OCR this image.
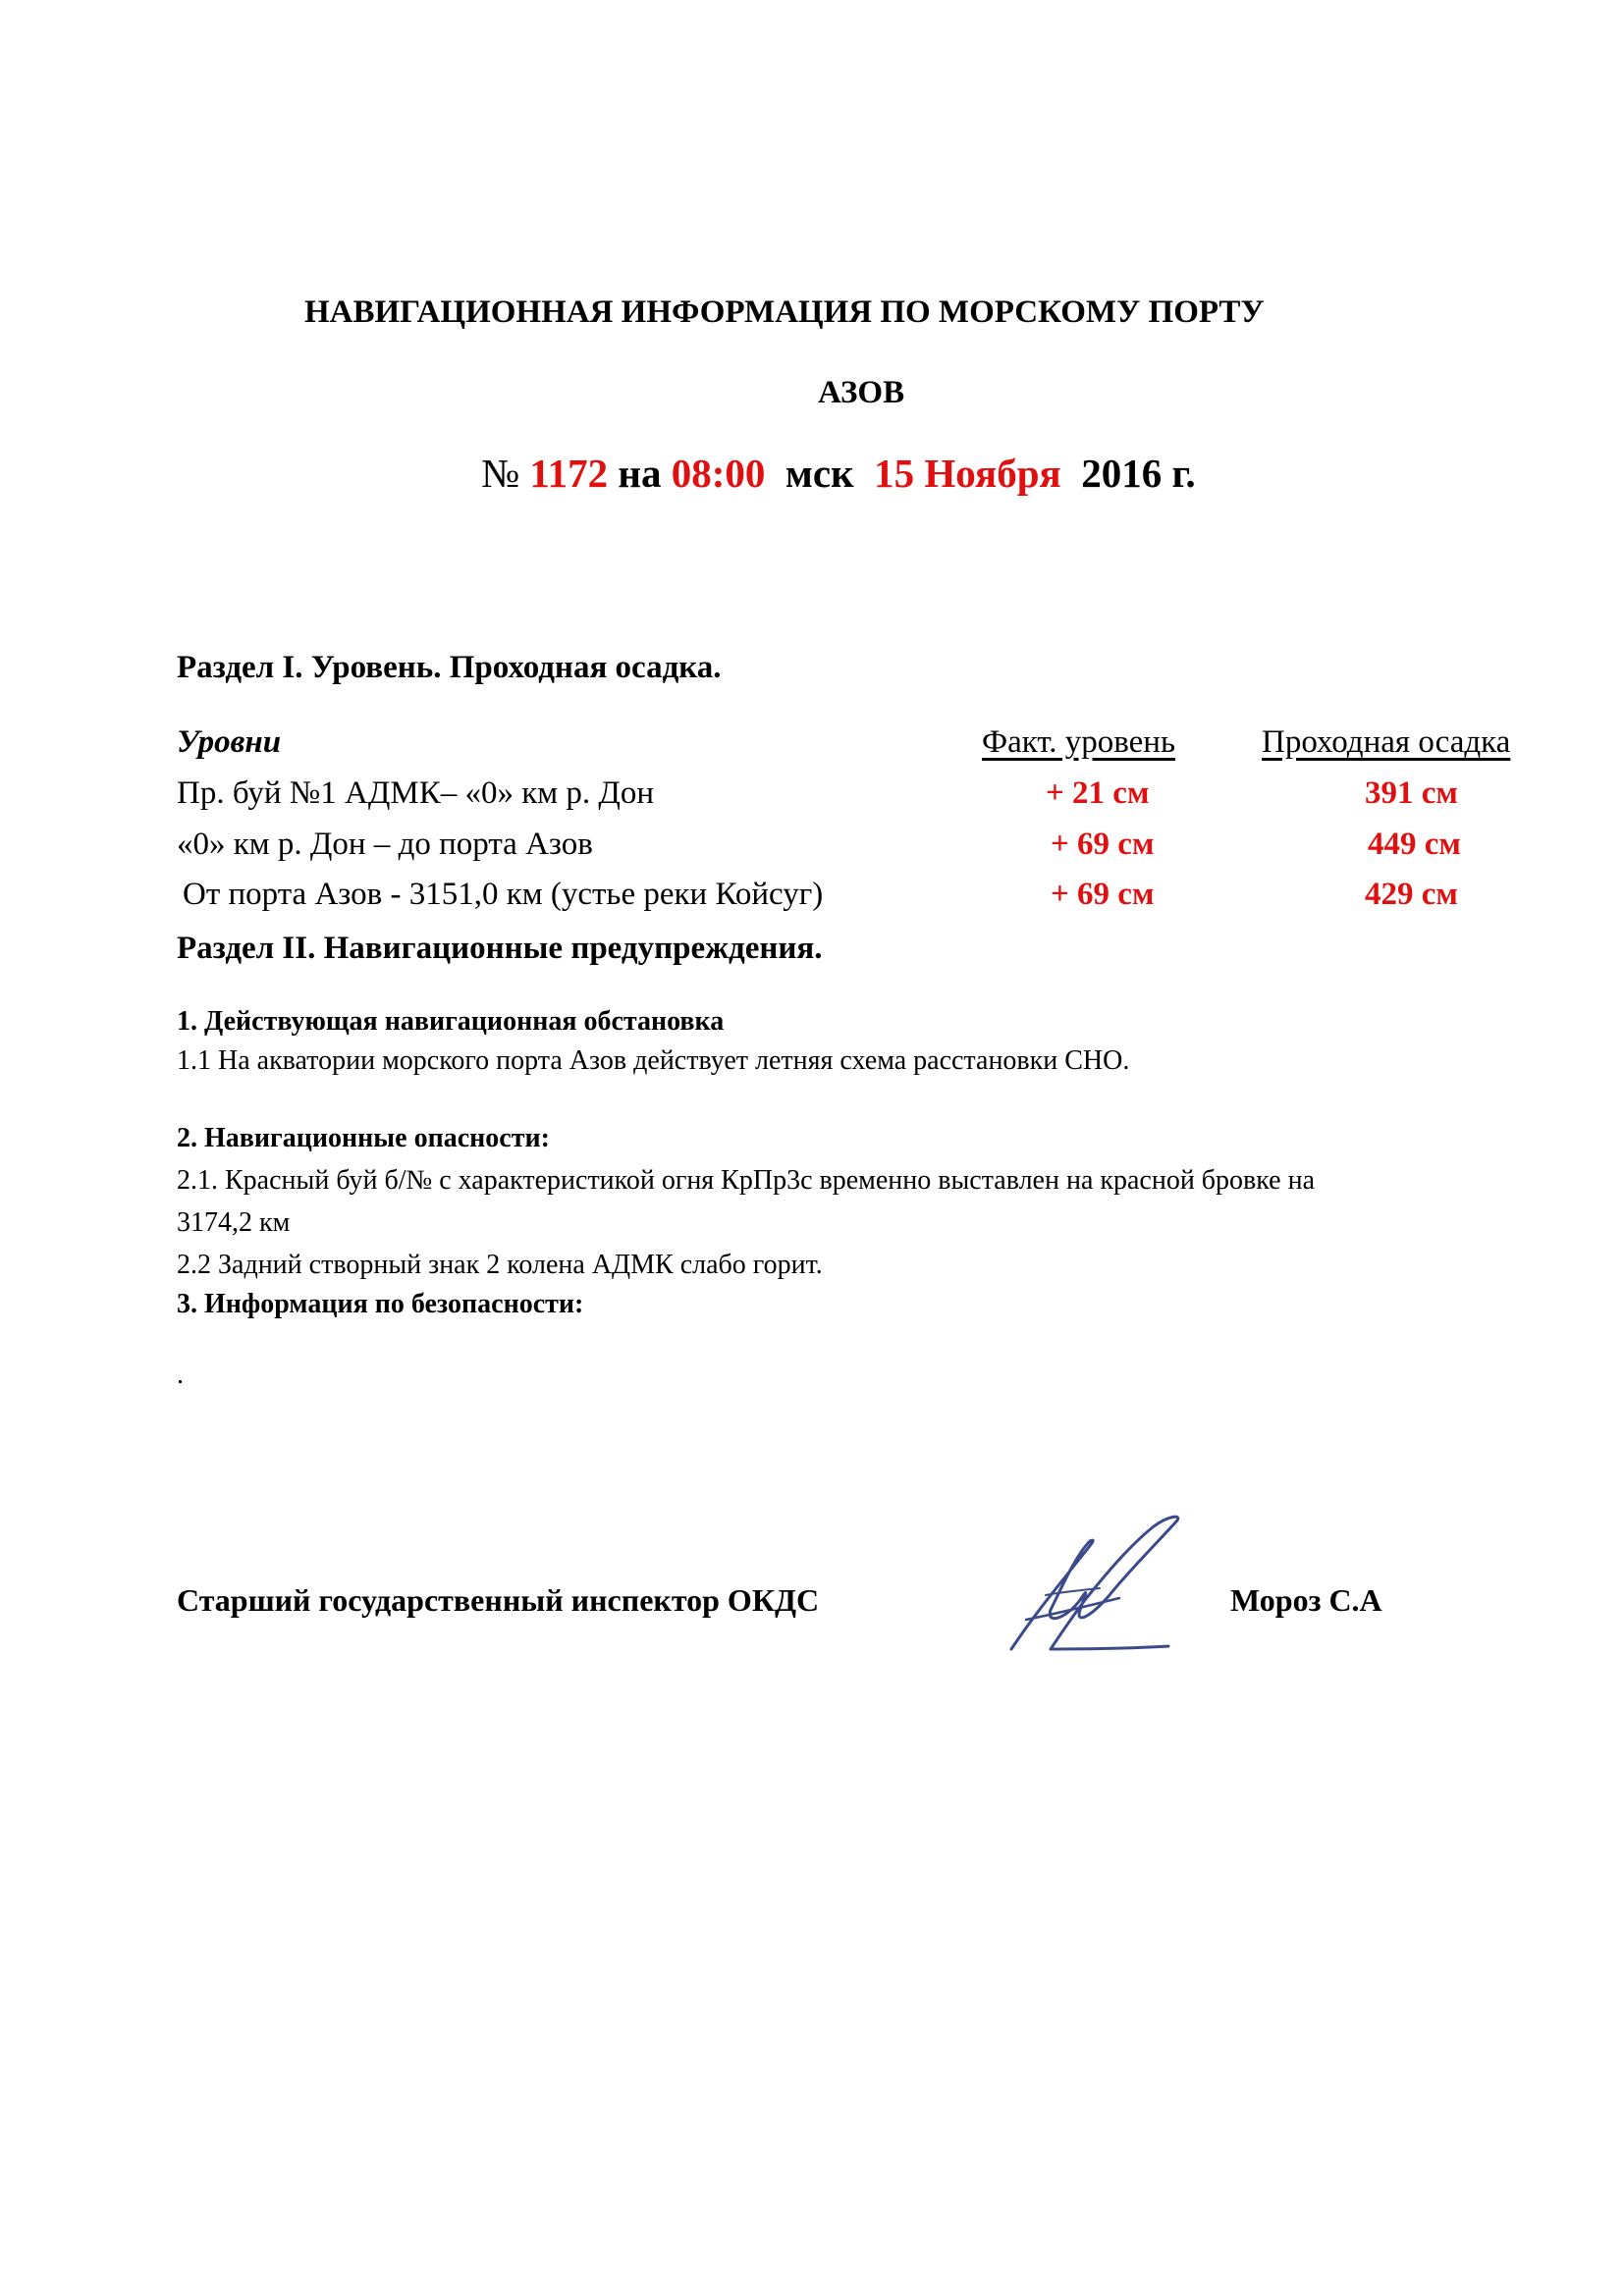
НАВИГАЦИОННАЯ ИНФОРМАЦИЯ ПО МОРСКОМУ ПОРТУ
АЗОВ
№ 1172 на 08:00 мск 15 Ноября 2016 г.
Раздел I. Уровень. Проходная осадка.
Уровни	Факт. уровень	Проходная осадка
Пр. буй №1 АДМК– «0» км р. Дон	+ 21 см	391 см
«0» км р. Дон – до порта Азов	+ 69 см	449 см
От порта Азов - 3151,0 км (устье реки Койсуг)	+ 69 см	429 см
Раздел II. Навигационные предупреждения.
1. Действующая навигационная обстановка
1.1 На акватории морского порта Азов действует летняя схема расстановки СНО.
2. Навигационные опасности:
2.1. Красный буй б/№ с характеристикой огня КрПр3с временно выставлен на красной бровке на
3174,2 км
2.2 Задний створный знак 2 колена АДМК слабо горит.
3. Информация по безопасности:
.
Старший государственный инспектор ОКДС	Мороз С.А
